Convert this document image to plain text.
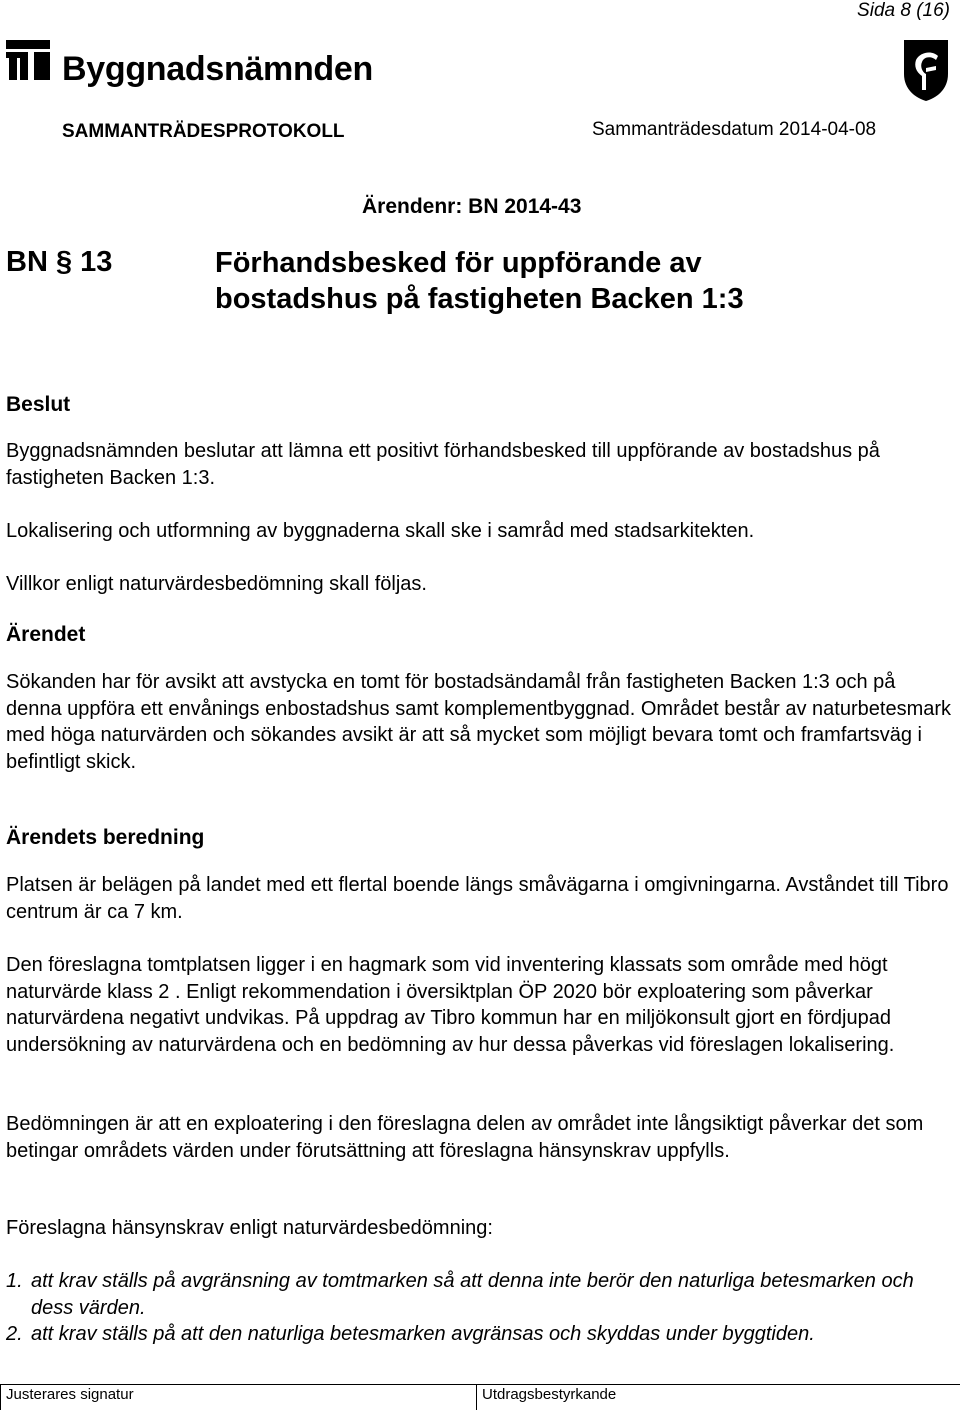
Sida 8 (16)
Byggnadsnämnden
SAMMANTRÄDESPROTOKOLL	Sammanträdesdatum 2014-04-08
Ärendenr: BN 2014-43
BN § 13	Förhandsbesked för uppförande av
bostadshus på fastigheten Backen 1:3
Beslut
Byggnadsnämnden beslutar att lämna ett positivt förhandsbesked till uppförande av bostadshus på fastigheten Backen 1:3.
Lokalisering och utformning av byggnaderna skall ske i samråd med stadsarkitekten.
Villkor enligt naturvärdesbedömning skall följas.
Ärendet
Sökanden har för avsikt att avstycka en tomt för bostadsändamål från fastigheten Backen 1:3 och på denna uppföra ett envånings enbostadshus samt komplementbyggnad. Området består av naturbetesmark med höga naturvärden och sökandes avsikt är att så mycket som möjligt bevara tomt och framfartsväg i befintligt skick.
Ärendets beredning
Platsen är belägen på landet med ett flertal boende längs småvägarna i omgivningarna. Avståndet till Tibro centrum är ca 7 km.
Den föreslagna tomtplatsen ligger i en hagmark som vid inventering klassats som område med högt naturvärde klass 2 . Enligt rekommendation i översiktplan ÖP 2020 bör exploatering som påverkar naturvärdena negativt undvikas. På uppdrag av Tibro kommun har en miljökonsult gjort en fördjupad undersökning av naturvärdena och en bedömning av hur dessa påverkas vid föreslagen lokalisering.
Bedömningen är att en exploatering i den föreslagna delen av området inte långsiktigt påverkar det som betingar områdets värden under förutsättning att föreslagna hänsynskrav uppfylls.
Föreslagna hänsynskrav enligt naturvärdesbedömning:
1. att krav ställs på avgränsning av tomtmarken så att denna inte berör den naturliga betesmarken och dess värden.
2. att krav ställs på att den naturliga betesmarken avgränsas och skyddas under byggtiden.
Justerares signatur	Utdragsbestyrkande
